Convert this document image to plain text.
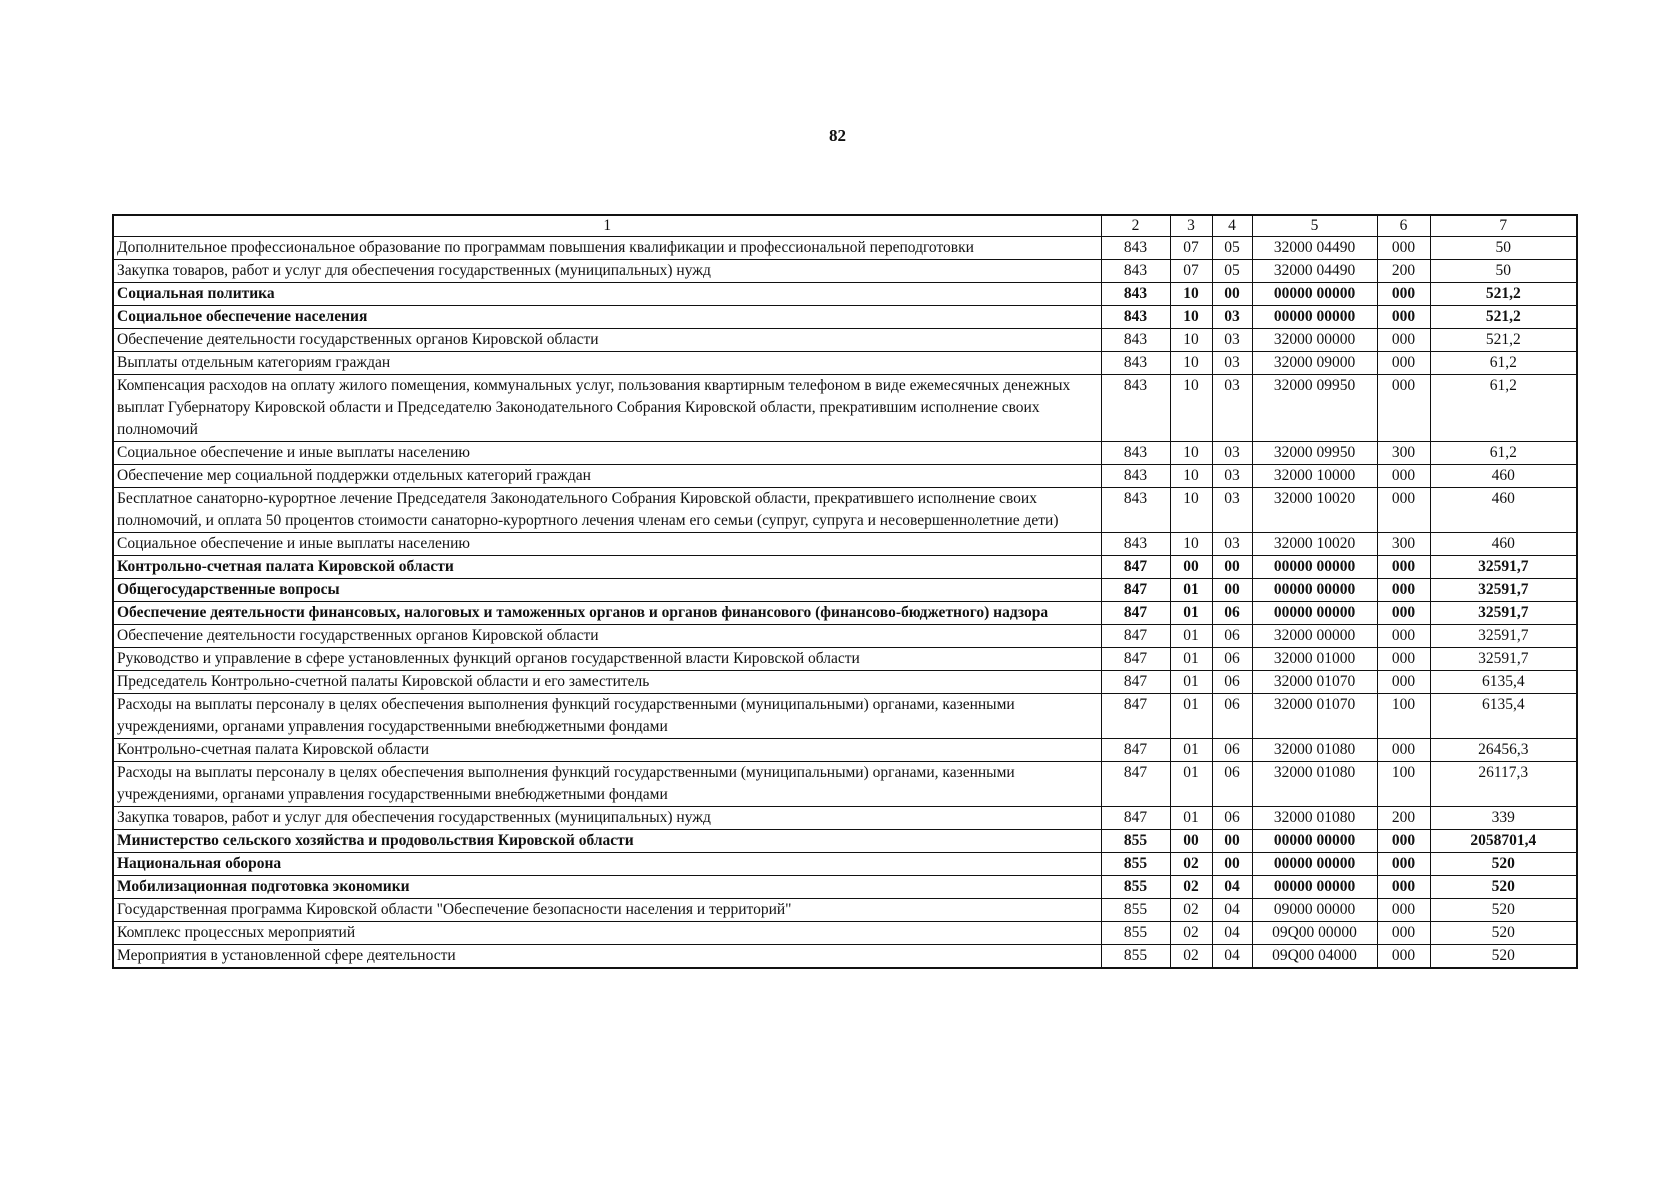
82
1	2	3	4	5	6	7
Дополнительное профессиональное образование по программам повышения квалификации и профессиональной переподготовки	843	07	05	32000 04490	000	50
Закупка товаров, работ и услуг для обеспечения государственных (муниципальных) нужд	843	07	05	32000 04490	200	50
Социальная политика	843	10	00	00000 00000	000	521,2
Социальное обеспечение населения	843	10	03	00000 00000	000	521,2
Обеспечение деятельности государственных органов Кировской области	843	10	03	32000 00000	000	521,2
Выплаты отдельным категориям граждан	843	10	03	32000 09000	000	61,2
Компенсация расходов на оплату жилого помещения, коммунальных услуг, пользования квартирным телефоном в виде ежемесячных денежных выплат Губернатору Кировской области и Председателю Законодательного Собрания Кировской области, прекратившим исполнение своих полномочий	843	10	03	32000 09950	000	61,2
Социальное обеспечение и иные выплаты населению	843	10	03	32000 09950	300	61,2
Обеспечение мер социальной поддержки отдельных категорий граждан	843	10	03	32000 10000	000	460
Бесплатное санаторно-курортное лечение Председателя Законодательного Собрания Кировской области, прекратившего исполнение своих полномочий, и оплата 50 процентов стоимости санаторно-курортного лечения членам его семьи (супруг, супруга и несовершеннолетние дети)	843	10	03	32000 10020	000	460
Социальное обеспечение и иные выплаты населению	843	10	03	32000 10020	300	460
Контрольно-счетная палата Кировской области	847	00	00	00000 00000	000	32591,7
Общегосударственные вопросы	847	01	00	00000 00000	000	32591,7
Обеспечение деятельности финансовых, налоговых и таможенных органов и органов финансового (финансово-бюджетного) надзора	847	01	06	00000 00000	000	32591,7
Обеспечение деятельности государственных органов Кировской области	847	01	06	32000 00000	000	32591,7
Руководство и управление в сфере установленных функций органов государственной власти Кировской области	847	01	06	32000 01000	000	32591,7
Председатель Контрольно-счетной палаты Кировской области и его заместитель	847	01	06	32000 01070	000	6135,4
Расходы на выплаты персоналу в целях обеспечения выполнения функций государственными (муниципальными) органами, казенными учреждениями, органами управления государственными внебюджетными фондами	847	01	06	32000 01070	100	6135,4
Контрольно-счетная палата Кировской области	847	01	06	32000 01080	000	26456,3
Расходы на выплаты персоналу в целях обеспечения выполнения функций государственными (муниципальными) органами, казенными учреждениями, органами управления государственными внебюджетными фондами	847	01	06	32000 01080	100	26117,3
Закупка товаров, работ и услуг для обеспечения государственных (муниципальных) нужд	847	01	06	32000 01080	200	339
Министерство сельского хозяйства и продовольствия Кировской области	855	00	00	00000 00000	000	2058701,4
Национальная оборона	855	02	00	00000 00000	000	520
Мобилизационная подготовка экономики	855	02	04	00000 00000	000	520
Государственная программа Кировской области "Обеспечение безопасности населения и территорий"	855	02	04	09000 00000	000	520
Комплекс процессных мероприятий	855	02	04	09Q00 00000	000	520
Мероприятия в установленной сфере деятельности	855	02	04	09Q00 04000	000	520
